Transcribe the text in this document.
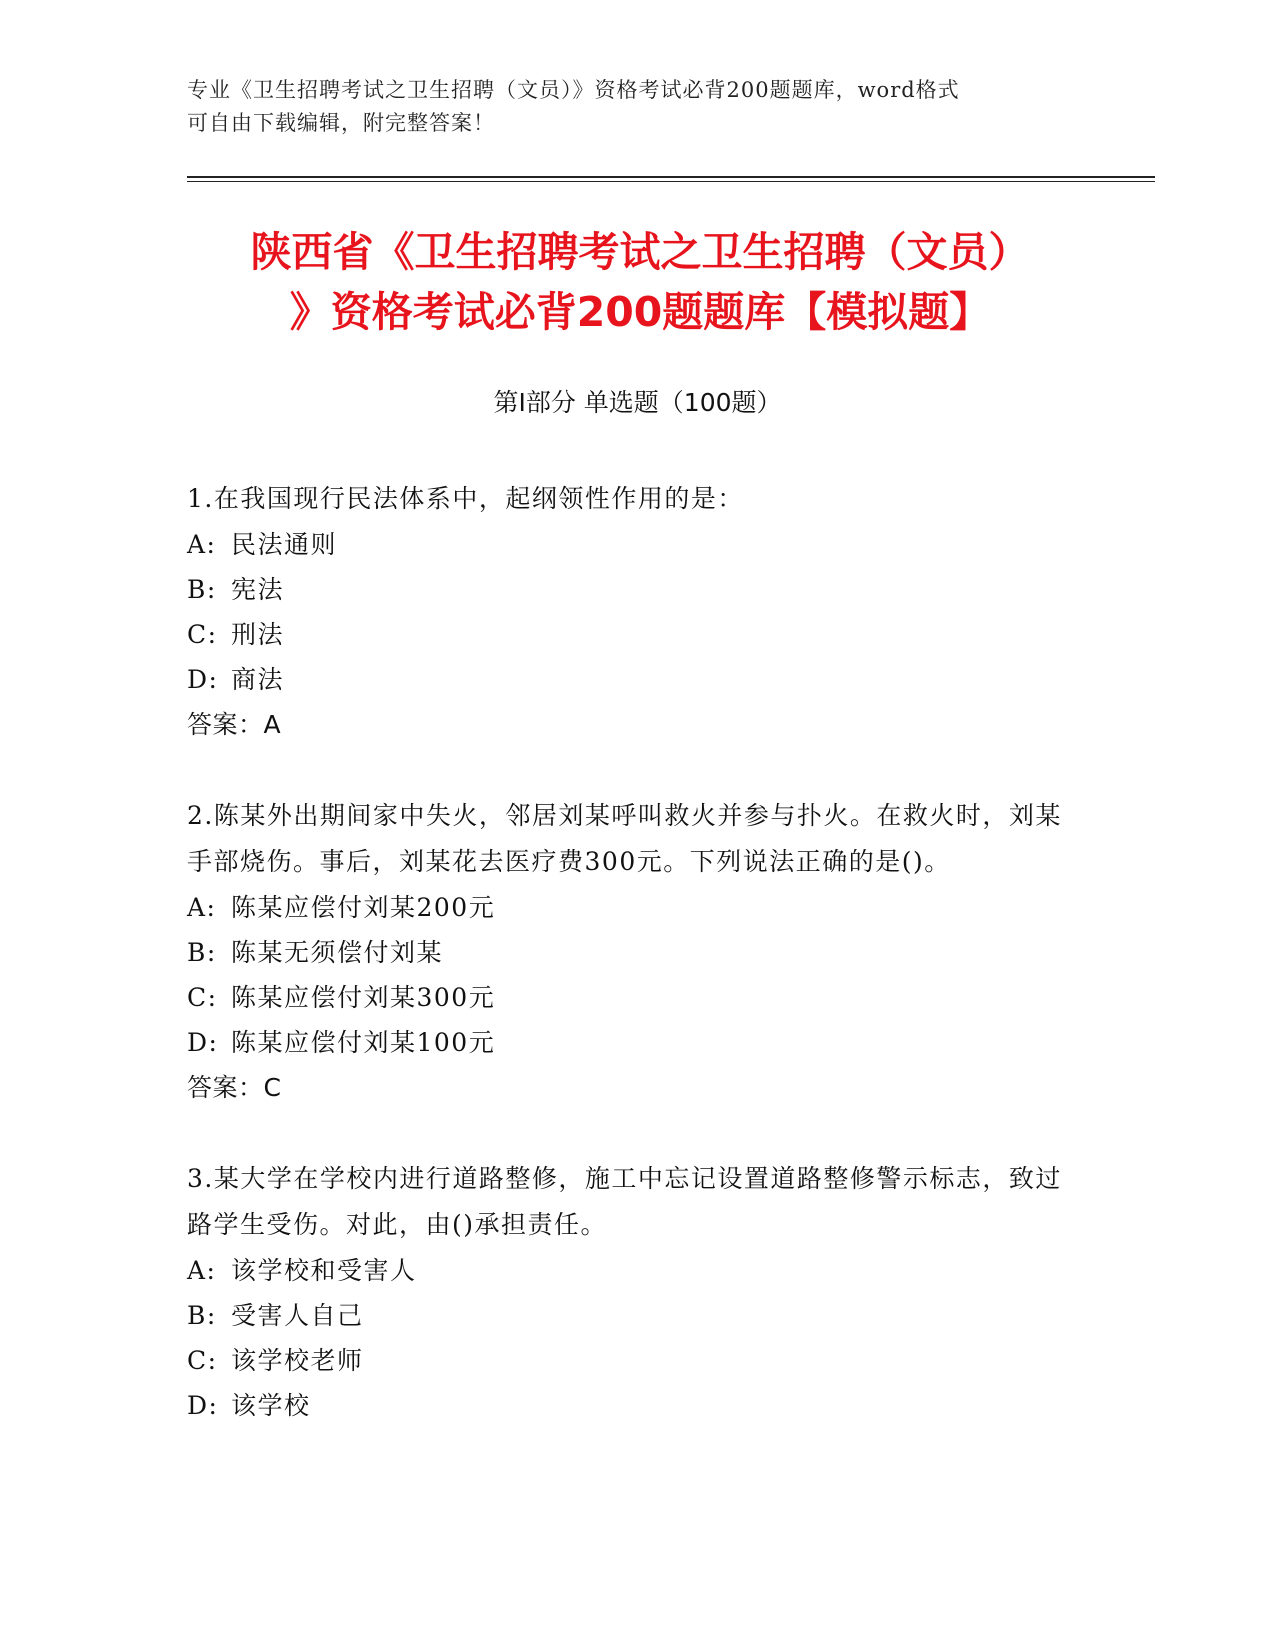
专业《卫生招聘考试之卫生招聘（文员）》资格考试必背200题题库，word格式
可自由下载编辑，附完整答案！
陕西省《卫生招聘考试之卫生招聘（文员）
》资格考试必背200题题库【模拟题】
第I部分 单选题（100题）

1.在我国现行民法体系中，起纲领性作用的是：

A: 民法通则
B: 宪法
C: 刑法
D: 商法
答案：A

2.陈某外出期间家中失火，邻居刘某呼叫救火并参与扑火。在救火时，刘某手部烧伤。事后，刘某花去医疗费300元。下列说法正确的是()。

A: 陈某应偿付刘某200元
B: 陈某无须偿付刘某
C: 陈某应偿付刘某300元
D: 陈某应偿付刘某100元
答案：C

3.某大学在学校内进行道路整修，施工中忘记设置道路整修警示标志，致过路学生受伤。对此，由()承担责任。

A: 该学校和受害人
B: 受害人自己
C: 该学校老师
D: 该学校
